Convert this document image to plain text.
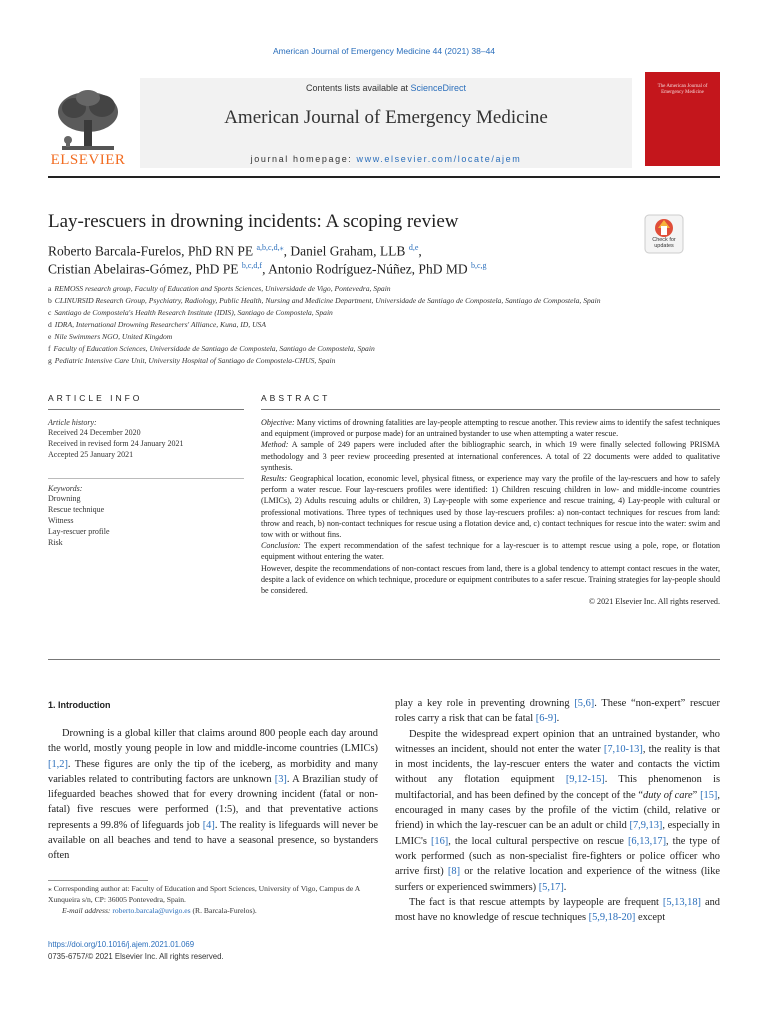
American Journal of Emergency Medicine 44 (2021) 38–44
Contents lists available at ScienceDirect
American Journal of Emergency Medicine
journal homepage: www.elsevier.com/locate/ajem
ELSEVIER
The American Journal of Emergency Medicine
Lay-rescuers in drowning incidents: A scoping review
Check for updates
Roberto Barcala-Furelos, PhD RN PE $^{a,b,c,d,⁎}$, Daniel Graham, LLB $^{d,e}$,
Cristian Abelairas-Gómez, PhD PE $^{b,c,d,f}$, Antonio Rodríguez-Núñez, PhD MD $^{b,c,g}$
a REMOSS research group, Faculty of Education and Sports Sciences, Universidade de Vigo, Pontevedra, Spain
b CLINURSID Research Group, Psychiatry, Radiology, Public Health, Nursing and Medicine Department, Universidade de Santiago de Compostela, Santiago de Compostela, Spain
c Santiago de Compostela's Health Research Institute (IDIS), Santiago de Compostela, Spain
d IDRA, International Drowning Researchers' Alliance, Kuna, ID, USA
e Nile Swimmers NGO, United Kingdom
f Faculty of Education Sciences, Universidade de Santiago de Compostela, Santiago de Compostela, Spain
g Pediatric Intensive Care Unit, University Hospital of Santiago de Compostela-CHUS, Spain
ARTICLE INFO
Article history:
Received 24 December 2020
Received in revised form 24 January 2021
Accepted 25 January 2021
Keywords:
Drowning
Rescue technique
Witness
Lay-rescuer profile
Risk
ABSTRACT

Objective: Many victims of drowning fatalities are lay-people attempting to rescue another. This review aims to identify the safest techniques and equipment (improved or purpose made) for an untrained bystander to use when attempting a water rescue.

Method: A sample of 249 papers were included after the bibliographic search, in which 19 were finally selected following PRISMA methodology and 3 peer review proceeding presented at international conferences. A total of 22 documents were added to qualitative synthesis.

Results: Geographical location, economic level, physical fitness, or experience may vary the profile of the lay-rescuers and how to safely perform a water rescue. Four lay-rescuers profiles were identified: 1) Children rescuing children in low- and middle-income countries (LMICs), 2) Adults rescuing adults or children, 3) Lay-people with some experience and rescue training, 4) Lay-people with cultural or professional motivations. Three types of techniques used by those lay-rescuers profiles: a) non-contact techniques for rescues from land: throw and reach, b) non-contact techniques for rescue using a flotation device and, c) contact techniques for rescue into the water: swim and tow with or without fins.

Conclusion: The expert recommendation of the safest technique for a lay-rescuer is to attempt rescue using a pole, rope, or flotation equipment without entering the water.

However, despite the recommendations of non-contact rescues from land, there is a global tendency to attempt contact rescues in the water, despite a lack of evidence on which technique, procedure or equipment contributes to a safer rescue. Training strategies for lay-people should be considered.

© 2021 Elsevier Inc. All rights reserved.

1. Introduction

Drowning is a global killer that claims around 800 people each day around the world, mostly young people in low and middle-income countries (LMICs) [1,2]. These figures are only the tip of the iceberg, as morbidity and many variables related to contributing factors are unknown [3]. A Brazilian study of lifeguarded beaches showed that for every drowning incident (fatal or non-fatal) five rescues were performed (1:5), and that preventative actions represents a 99.8% of lifeguards job [4]. The reality is lifeguards will never be available on all beaches and tend to have a seasonal presence, so bystanders often

play a key role in preventing drowning [5,6]. These “non-expert” rescuer roles carry a risk that can be fatal [6-9].

Despite the widespread expert opinion that an untrained bystander, who witnesses an incident, should not enter the water [7,10-13], the reality is that in most incidents, the lay-rescuer enters the water and contacts the victim without any flotation equipment [9,12-15]. This phenomenon is multifactorial, and has been defined by the concept of the “duty of care” [15], encouraged in many cases by the profile of the victim (child, relative or friend) in which the lay-rescuer can be an adult or child [7,9,13], especially in LMIC's [16], the local cultural perspective on rescue [6,13,17], the type of work performed (such as non-specialist fire-fighters or police officer who arrive first) [8] or the relative location and experience of the witness (like surfers or experienced swimmers) [5,17].

The fact is that rescue attempts by laypeople are frequent [5,13,18] and most have no knowledge of rescue techniques [5,9,18-20] except

⁎ Corresponding author at: Faculty of Education and Sport Sciences, University of Vigo, Campus de A Xunqueira s/n, CP: 36005 Pontevedra, Spain.
E-mail address: roberto.barcala@uvigo.es (R. Barcala-Furelos).
https://doi.org/10.1016/j.ajem.2021.01.069
0735-6757/© 2021 Elsevier Inc. All rights reserved.
